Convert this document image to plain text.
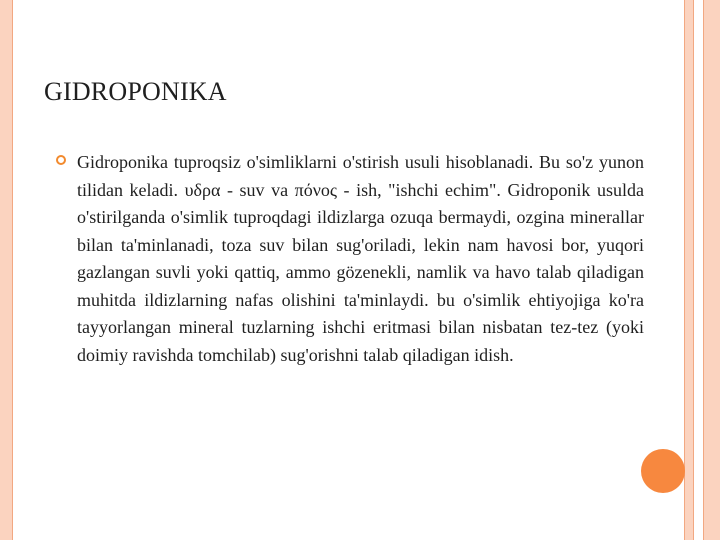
GIDROPONIKA

Gidroponika tuproqsiz o'simliklarni o'stirish usuli hisoblanadi. Bu so'z yunon tilidan keladi. υδρα - suv va πόνος - ish, "ishchi echim". Gidroponik usulda o'stirilganda o'simlik tuproqdagi ildizlarga ozuqa bermaydi, ozgina minerallar bilan ta'minlanadi, toza suv bilan sug'oriladi, lekin nam havosi bor, yuqori gazlangan suvli yoki qattiq, ammo gözenekli, namlik va havo talab qiladigan muhitda ildizlarning nafas olishini ta'minlaydi. bu o'simlik ehtiyojiga ko'ra tayyorlangan mineral tuzlarning ishchi eritmasi bilan nisbatan tez-tez (yoki doimiy ravishda tomchilab) sug'orishni talab qiladigan idish.
